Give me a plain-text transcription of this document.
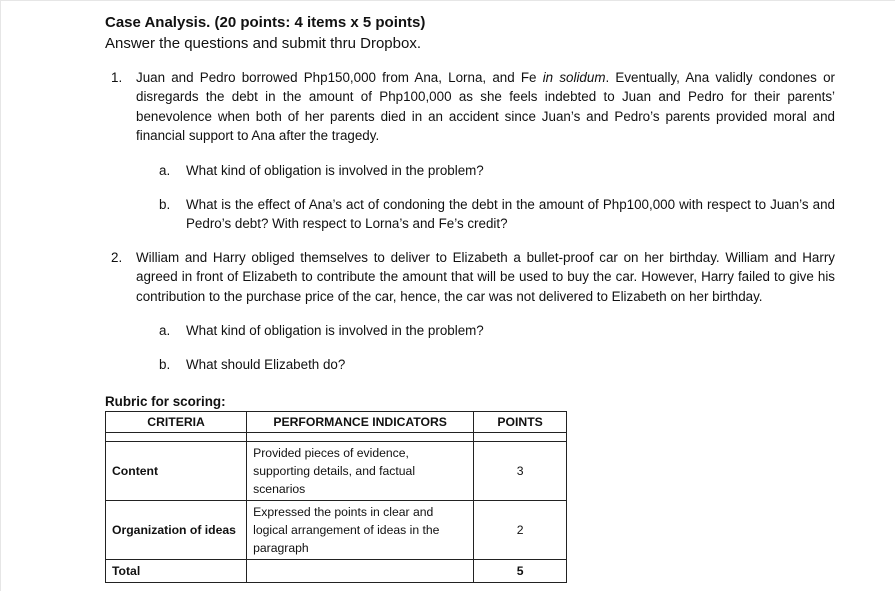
Case Analysis. (20 points: 4 items x 5 points)

Answer the questions and submit thru Dropbox.

1. Juan and Pedro borrowed Php150,000 from Ana, Lorna, and Fe in solidum. Eventually, Ana validly condones or disregards the debt in the amount of Php100,000 as she feels indebted to Juan and Pedro for their parents’ benevolence when both of her parents died in an accident since Juan’s and Pedro’s parents provided moral and financial support to Ana after the tragedy.
a. What kind of obligation is involved in the problem?
b. What is the effect of Ana’s act of condoning the debt in the amount of Php100,000 with respect to Juan’s and Pedro’s debt? With respect to Lorna’s and Fe’s credit?
2. William and Harry obliged themselves to deliver to Elizabeth a bullet-proof car on her birthday. William and Harry agreed in front of Elizabeth to contribute the amount that will be used to buy the car. However, Harry failed to give his contribution to the purchase price of the car, hence, the car was not delivered to Elizabeth on her birthday.
a. What kind of obligation is involved in the problem?
b. What should Elizabeth do?

Rubric for scoring:

CRITERIA	PERFORMANCE INDICATORS	POINTS

Content	Provided pieces of evidence, supporting details, and factual scenarios	3
Organization of ideas	Expressed the points in clear and logical arrangement of ideas in the paragraph	2
Total		5
